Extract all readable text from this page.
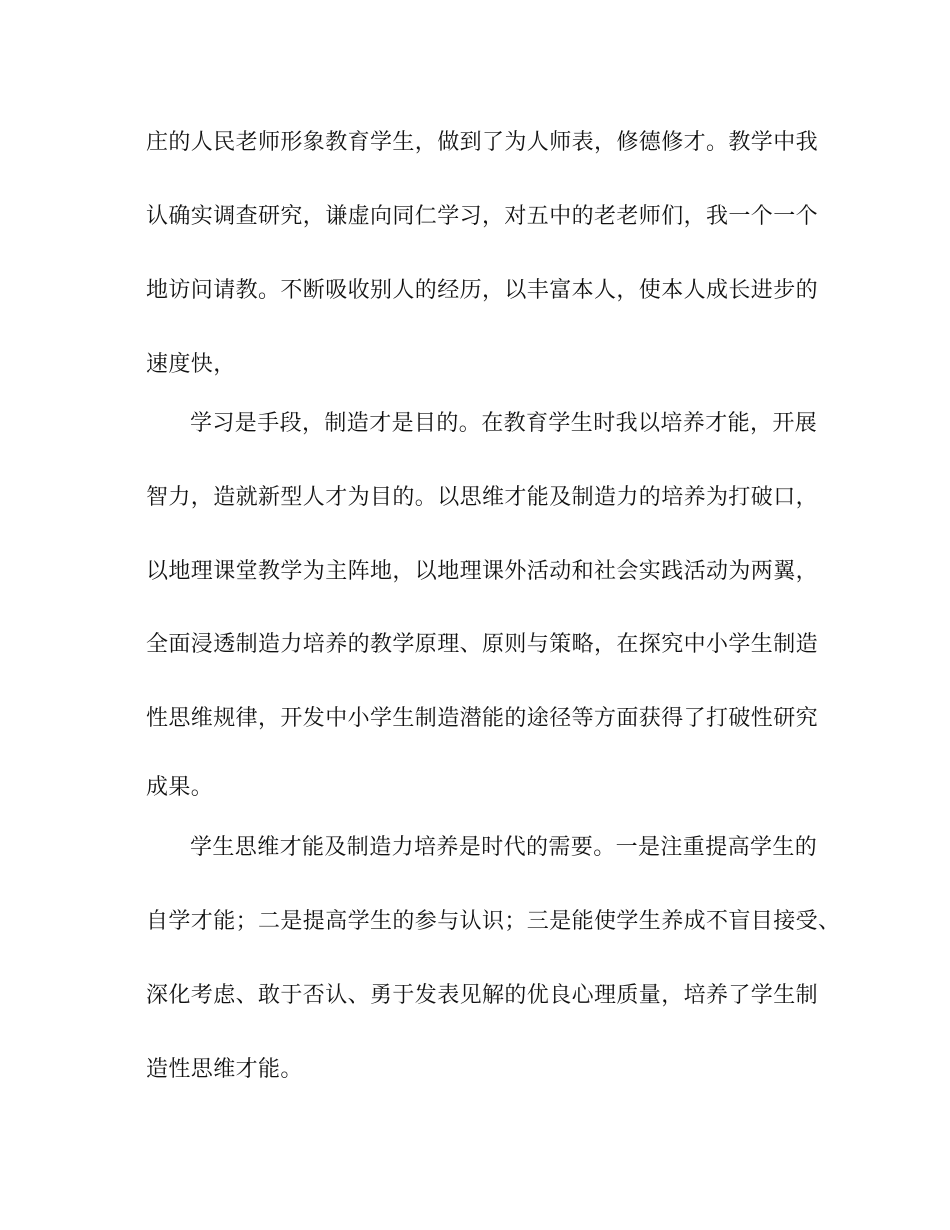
庄的人民老师形象教育学生，做到了为人师表，修德修才。教学中我
认确实调查研究，谦虚向同仁学习，对五中的老老师们，我一个一个
地访问请教。不断吸收别人的经历，以丰富本人，使本人成长进步的
速度快，
学习是手段，制造才是目的。在教育学生时我以培养才能，开展
智力，造就新型人才为目的。以思维才能及制造力的培养为打破口，
以地理课堂教学为主阵地，以地理课外活动和社会实践活动为两翼，
全面浸透制造力培养的教学原理、原则与策略，在探究中小学生制造
性思维规律，开发中小学生制造潜能的途径等方面获得了打破性研究
成果。
学生思维才能及制造力培养是时代的需要。一是注重提高学生的
自学才能；二是提高学生的参与认识；三是能使学生养成不盲目接受、
深化考虑、敢于否认、勇于发表见解的优良心理质量，培养了学生制
造性思维才能。
